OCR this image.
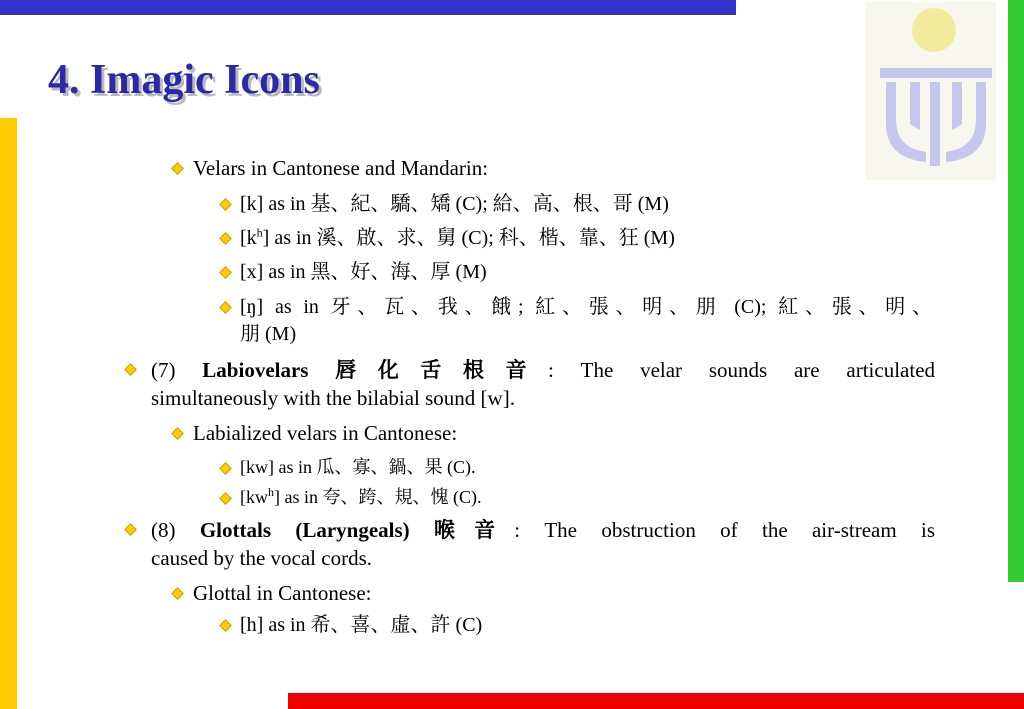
4. Imagic Icons
Velars in Cantonese and Mandarin:
[k] as in 基、紀、驕、矯 (C); 給、高、根、哥 (M)
$[k^h]$ as in 溪、啟、求、舅 (C); 科、楷、靠、狂 (M)
[x] as in 黑、好、海、厚 (M)
[ŋ] as in 牙、瓦、我、餓; 紅、張、明、朋 (C); 紅、張、明、
朋 (M)
(7) Labiovelars 唇化舌根音: The velar sounds are articulated
simultaneously with the bilabial sound [w].
Labialized velars in Cantonese:
[kw] as in 瓜、寡、鍋、果 (C).
$[kw^h]$ as in 夸、跨、規、愧 (C).
(8) Glottals (Laryngeals) 喉音: The obstruction of the air-stream is
caused by the vocal cords.
Glottal in Cantonese:
[h] as in 希、喜、虛、許 (C)
